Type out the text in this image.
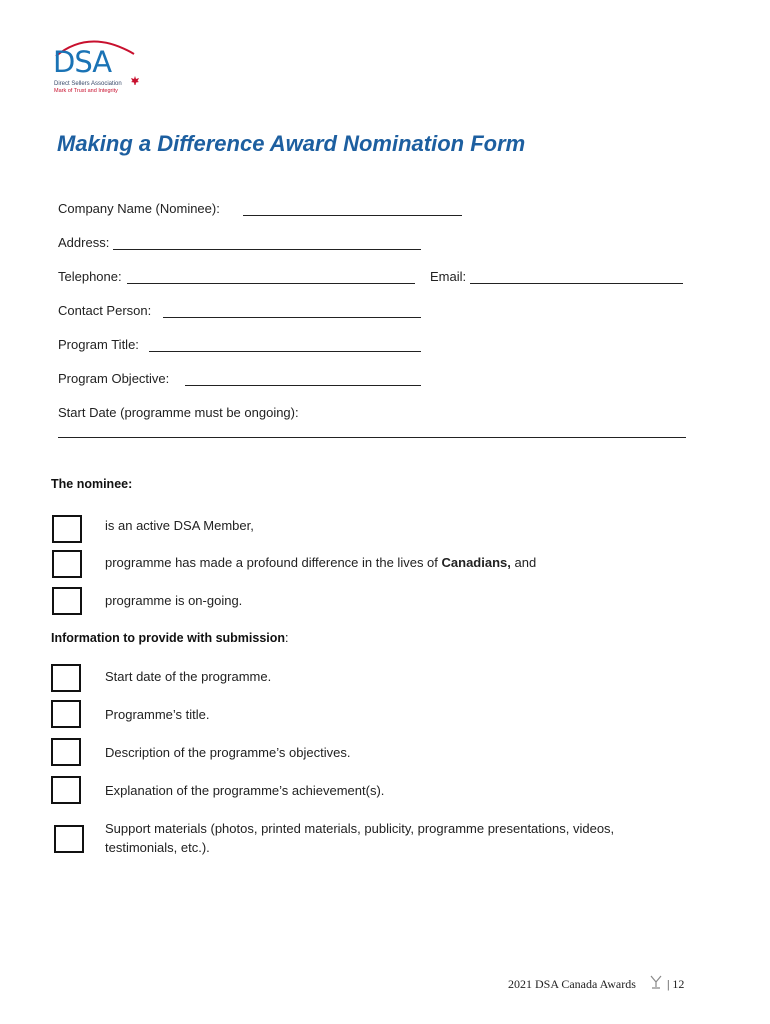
DSA
Direct Sellers Association
Mark of Trust and Integrity
Making a Difference Award Nomination Form
Company Name (Nominee):
Address:
Telephone:	Email:
Contact Person:
Program Title:
Program Objective:
Start Date (programme must be ongoing):
The nominee:
is an active DSA Member,
programme has made a profound difference in the lives of Canadians, and
programme is on-going.
Information to provide with submission:
Start date of the programme.
Programme’s title.
Description of the programme’s objectives.
Explanation of the programme’s achievement(s).
Support materials (photos, printed materials, publicity, programme presentations, videos,
testimonials, etc.).
2021 DSA Canada Awards	| 12
